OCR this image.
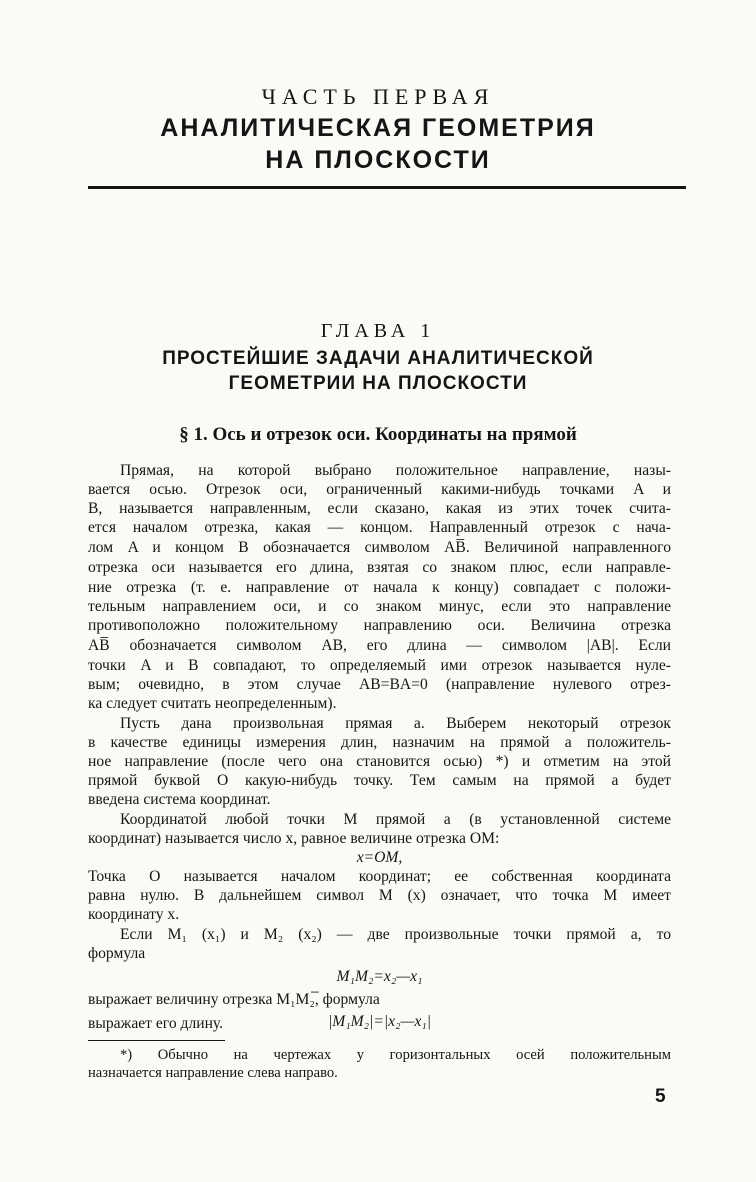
ЧАСТЬ ПЕРВАЯ
АНАЛИТИЧЕСКАЯ ГЕОМЕТРИЯ
НА ПЛОСКОСТИ
ГЛАВА 1
ПРОСТЕЙШИЕ ЗАДАЧИ АНАЛИТИЧЕСКОЙ
ГЕОМЕТРИИ НА ПЛОСКОСТИ
§ 1. Ось и отрезок оси. Координаты на прямой
Прямая, на которой выбрано положительное направление, назы-
вается осью. Отрезок оси, ограниченный какими-нибудь точками A и
B, называется направленным, если сказано, какая из этих точек счита-
ется началом отрезка, какая — концом. Направленный отрезок с нача-
лом A и концом B обозначается символом AB̅. Величиной направленного
отрезка оси называется его длина, взятая со знаком плюс, если направле-
ние отрезка (т. е. направление от начала к концу) совпадает с положи-
тельным направлением оси, и со знаком минус, если это направление
противоположно положительному направлению оси. Величина отрезка
AB̅ обозначается символом AB, его длина — символом |AB|. Если
точки A и B совпадают, то определяемый ими отрезок называется нуле-
вым; очевидно, в этом случае AB=BA=0 (направление нулевого отрез-
ка следует считать неопределенным).
Пусть дана произвольная прямая a. Выберем некоторый отрезок
в качестве единицы измерения длин, назначим на прямой a положитель-
ное направление (после чего она становится осью) *) и отметим на этой
прямой буквой O какую-нибудь точку. Тем самым на прямой a будет
введена система координат.
Координатой любой точки M прямой a (в установленной системе
координат) называется число x, равное величине отрезка OM:
x=OM,
Точка O называется началом координат; ее собственная координата
равна нулю. В дальнейшем символ M (x) означает, что точка M имеет
координату x.
Если M₁ (x₁) и M₂ (x₂) — две произвольные точки прямой a, то
формула
M₁M₂=x₂—x₁
выражает величину отрезка M₁M₂̅, формула
|M₁M₂|=|x₂—x₁|
выражает его длину.
*) Обычно на чертежах у горизонтальных осей положительным
назначается направление слева направо.
5
